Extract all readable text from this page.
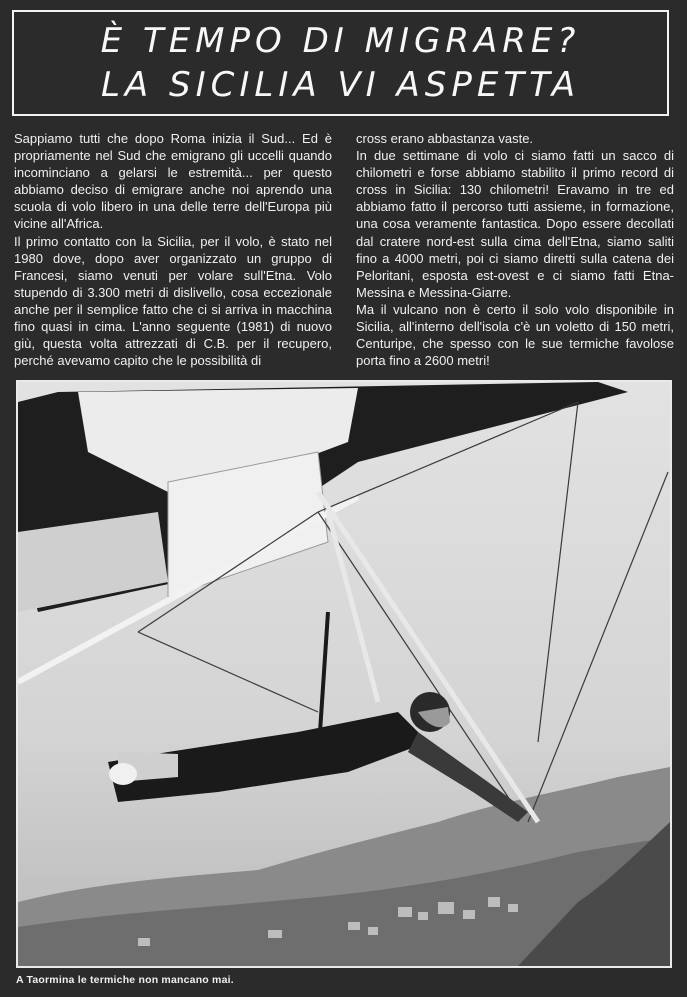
È TEMPO DI MIGRARE?
LA SICILIA VI ASPETTA

Sappiamo tutti che dopo Roma inizia il Sud... Ed è propriamente nel Sud che emigrano gli uccelli quando incominciano a gelarsi le estremità... per questo abbiamo deciso di emigrare anche noi aprendo una scuola di volo libero in una delle terre dell'Europa più vicine all'Africa.

Il primo contatto con la Sicilia, per il volo, è stato nel 1980 dove, dopo aver organizzato un gruppo di Francesi, siamo venuti per volare sull'Etna. Volo stupendo di 3.300 metri di dislivello, cosa eccezionale anche per il semplice fatto che ci si arriva in macchina fino quasi in cima. L'anno seguente (1981) di nuovo giù, questa volta attrezzati di C.B. per il recupero, perché avevamo capito che le possibilità di

cross erano abbastanza vaste.

In due settimane di volo ci siamo fatti un sacco di chilometri e forse abbiamo stabilito il primo record di cross in Sicilia: 130 chilometri! Eravamo in tre ed abbiamo fatto il percorso tutti assieme, in formazione, una cosa veramente fantastica. Dopo essere decollati dal cratere nord-est sulla cima dell'Etna, siamo saliti fino a 4000 metri, poi ci siamo diretti sulla catena dei Peloritani, esposta est-ovest e ci siamo fatti Etna-Messina e Messina-Giarre.

Ma il vulcano non è certo il solo volo disponibile in Sicilia, all'interno dell'isola c'è un voletto di 150 metri, Centuripe, che spesso con le sue termiche favolose porta fino a 2600 metri!

A Taormina le termiche non mancano mai.
